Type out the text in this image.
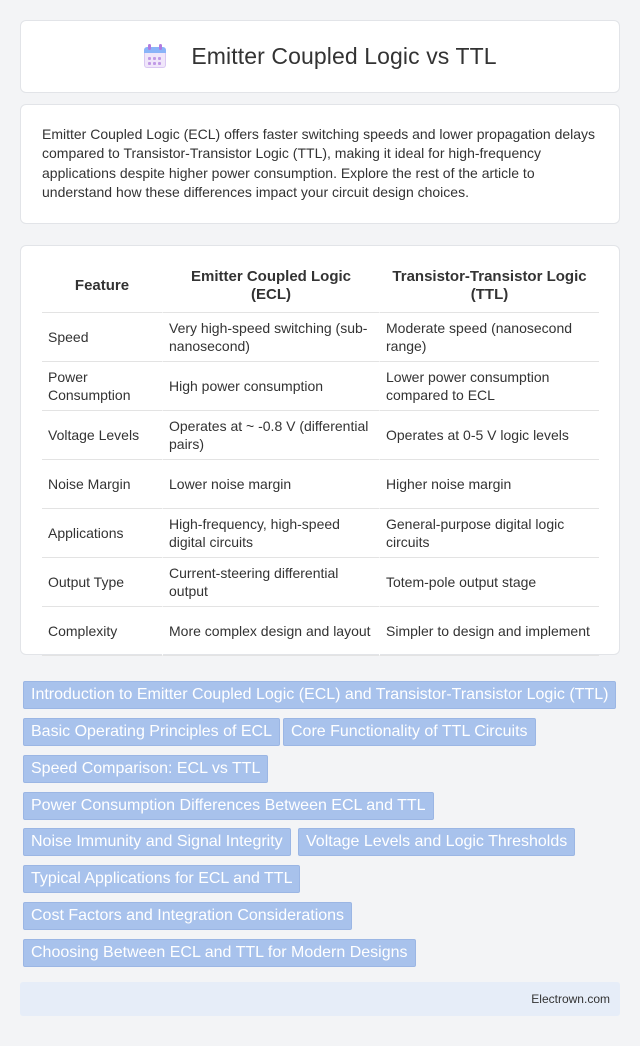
Emitter Coupled Logic vs TTL

Emitter Coupled Logic (ECL) offers faster switching speeds and lower propagation delays compared to Transistor-Transistor Logic (TTL), making it ideal for high-frequency applications despite higher power consumption. Explore the rest of the article to understand how these differences impact your circuit design choices.

Feature	Emitter Coupled Logic (ECL)	Transistor-Transistor Logic (TTL)
Speed	Very high-speed switching (sub-nanosecond)	Moderate speed (nanosecond range)
Power Consumption	High power consumption	Lower power consumption compared to ECL
Voltage Levels	Operates at ~ -0.8 V (differential pairs)	Operates at 0-5 V logic levels
Noise Margin	Lower noise margin	Higher noise margin
Applications	High-frequency, high-speed digital circuits	General-purpose digital logic circuits
Output Type	Current-steering differential output	Totem-pole output stage
Complexity	More complex design and layout	Simpler to design and implement
Introduction to Emitter Coupled Logic (ECL) and Transistor-Transistor Logic (TTL)
Basic Operating Principles of ECL	Core Functionality of TTL Circuits
Speed Comparison: ECL vs TTL
Power Consumption Differences Between ECL and TTL
Noise Immunity and Signal Integrity	Voltage Levels and Logic Thresholds
Typical Applications for ECL and TTL
Cost Factors and Integration Considerations
Choosing Between ECL and TTL for Modern Designs
Electrown.com
